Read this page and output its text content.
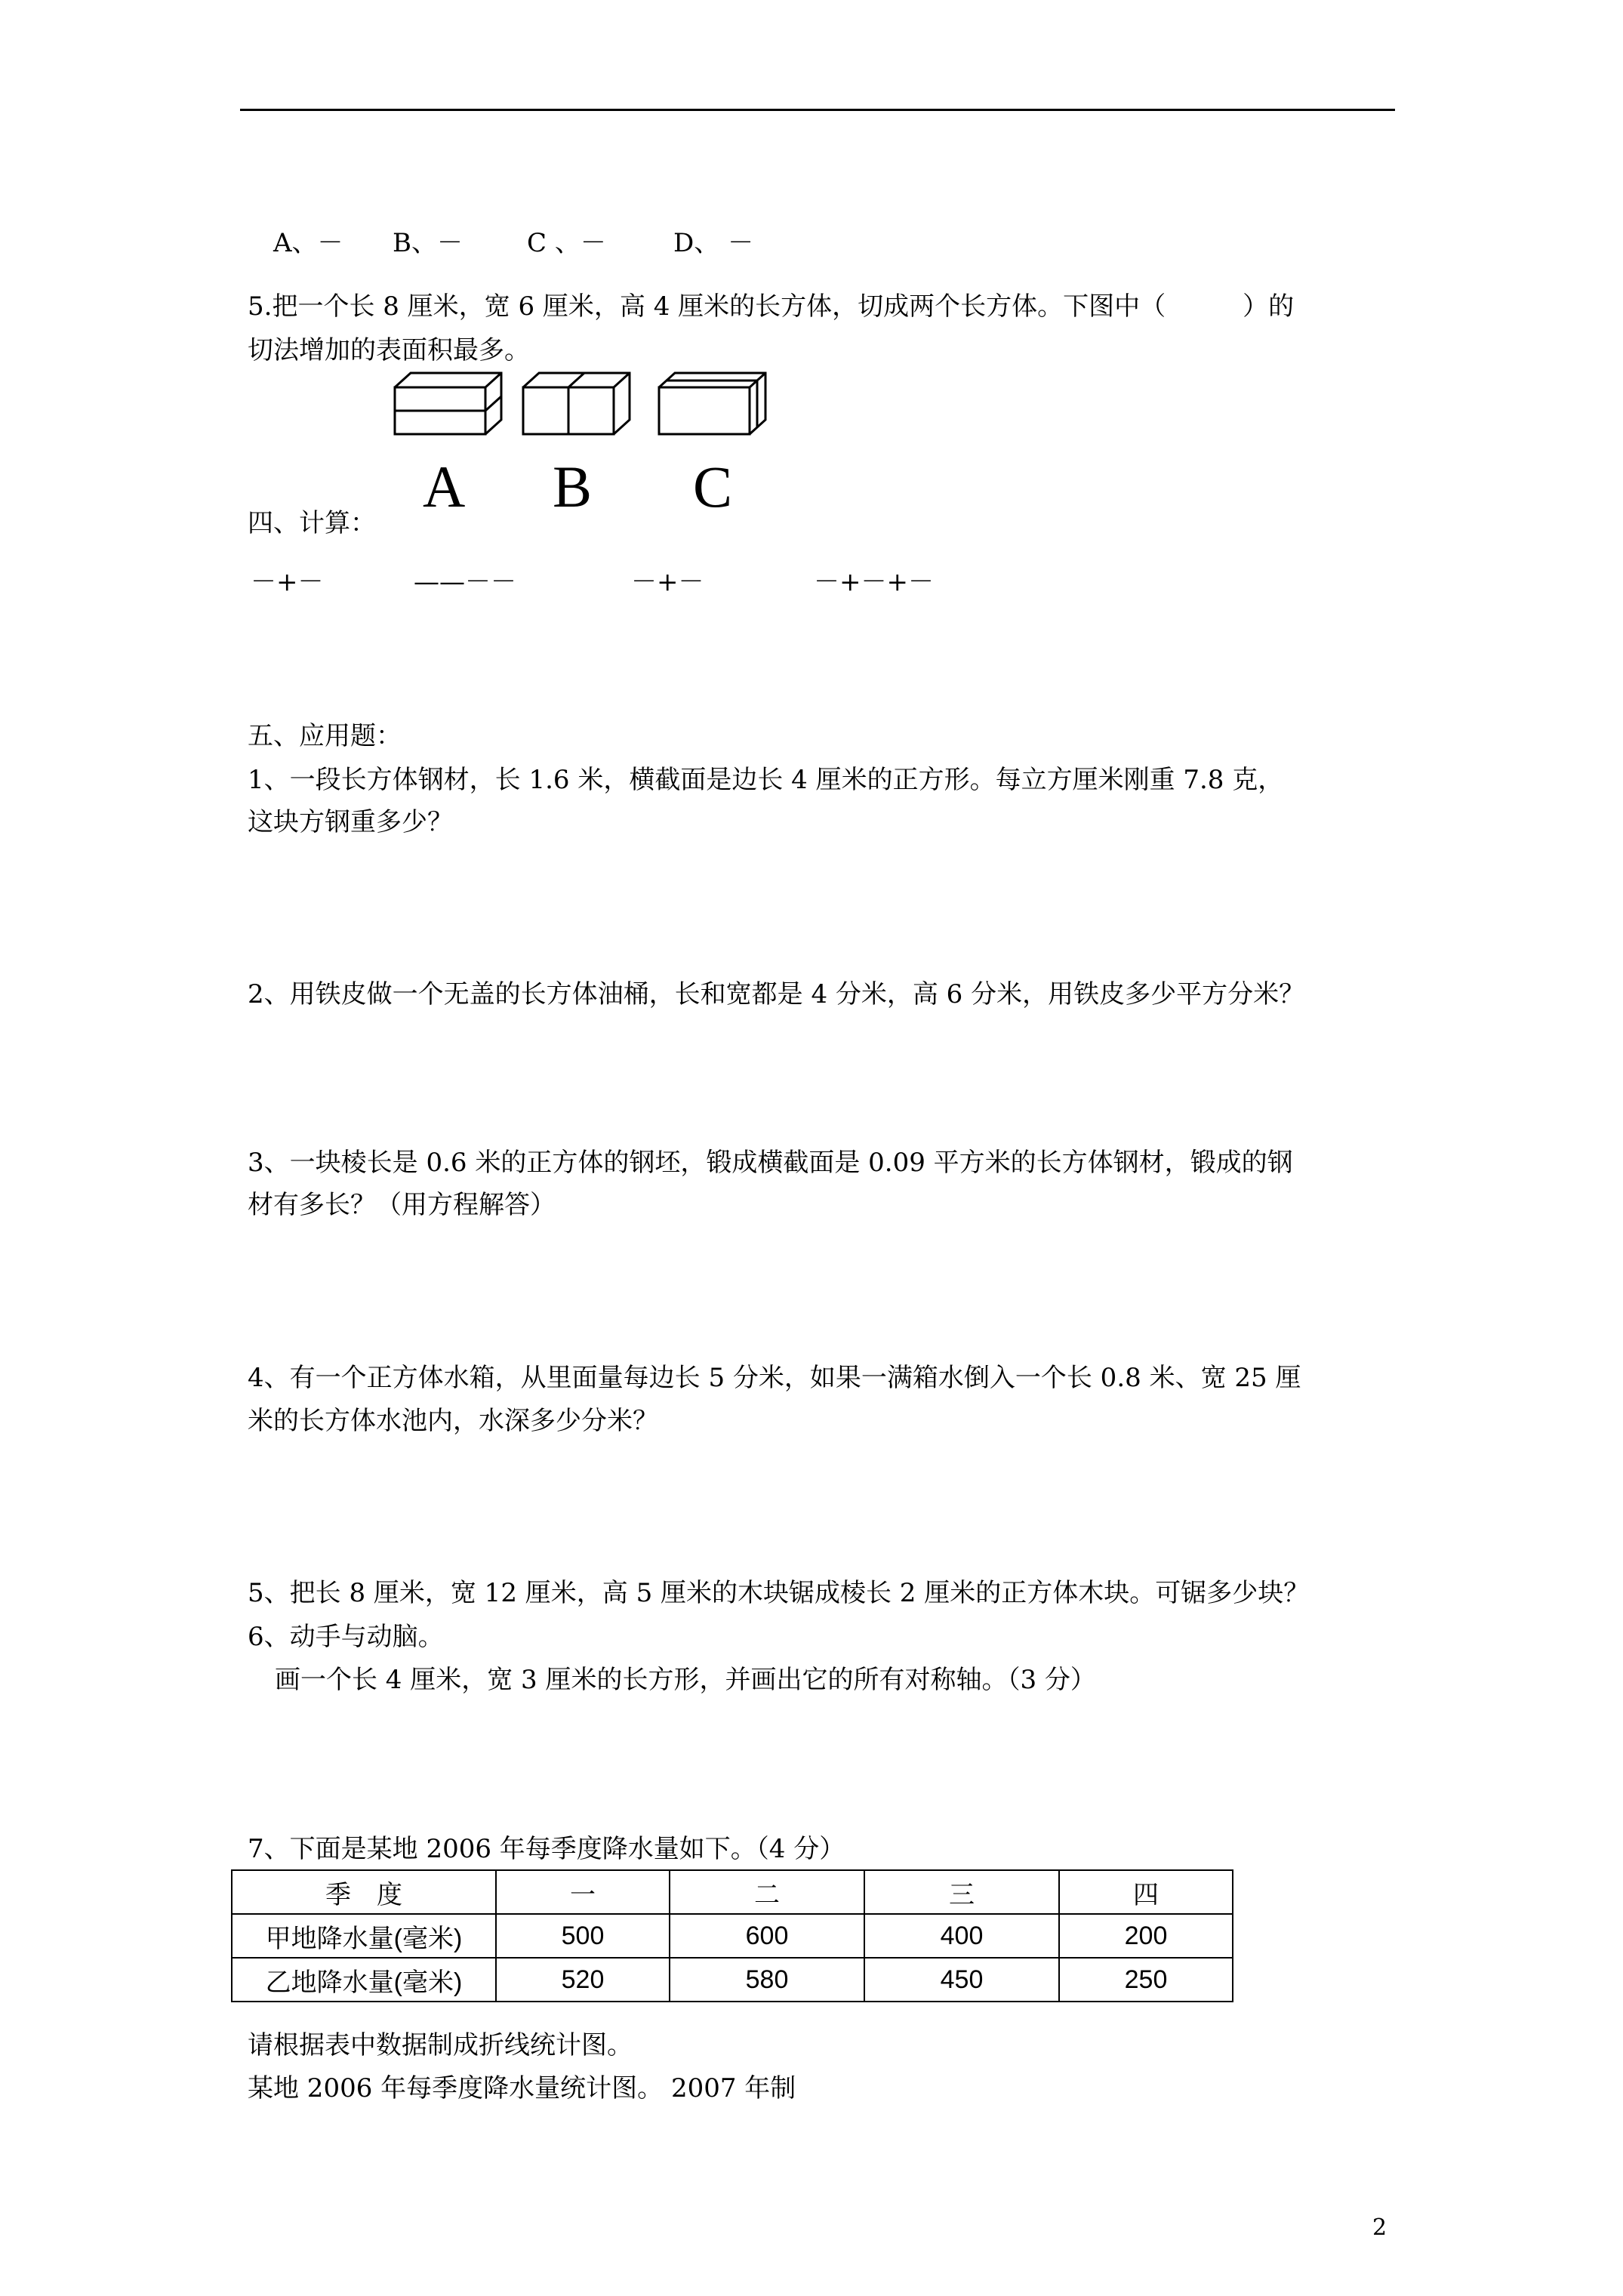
A、－ B、－	C 、－	D、 －
5.把一个长 8 厘米，宽 6 厘米，高 4 厘米的长方体，切成两个长方体。下图中（　　　）的
切法增加的表面积最多。
A B C
四、计算：
－+－	——－－	－+－	－+－+－
五、应用题：
1、一段长方体钢材，长 1.6 米，横截面是边长 4 厘米的正方形。每立方厘米刚重 7.8 克，
这块方钢重多少？
2、用铁皮做一个无盖的长方体油桶，长和宽都是 4 分米，高 6 分米，用铁皮多少平方分米？
3、一块棱长是 0.6 米的正方体的钢坯，锻成横截面是 0.09 平方米的长方体钢材，锻成的钢
材有多长？（用方程解答）
4、有一个正方体水箱，从里面量每边长 5 分米，如果一满箱水倒入一个长 0.8 米、宽 25 厘
米的长方体水池内，水深多少分米？
5、把长 8 厘米，宽 12 厘米，高 5 厘米的木块锯成棱长 2 厘米的正方体木块。可锯多少块？
6、动手与动脑。
画一个长 4 厘米，宽 3 厘米的长方形，并画出它的所有对称轴。（3 分）
7、下面是某地 2006 年每季度降水量如下。（4 分）
季　度	一	二	三	四
甲地降水量(毫米)	500	600	400	200
乙地降水量(毫米)	520	580	450	250
请根据表中数据制成折线统计图。
某地 2006 年每季度降水量统计图。 2007 年制
2
